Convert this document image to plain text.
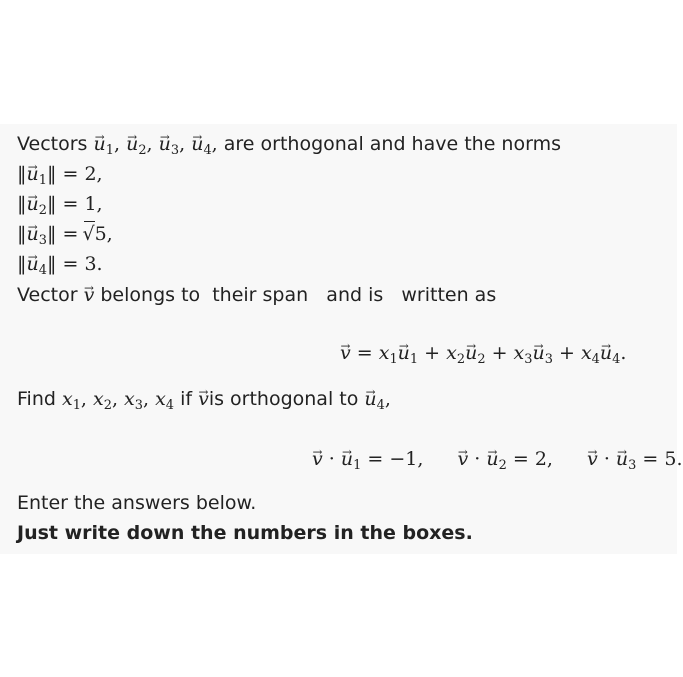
Vectors → $u_1$, → $u_2$, → $u_3$, → $u_4$, are orthogonal and have the norms
‖→ $u_1‖ = 2$,
‖→ $u_2‖ = 1$,
‖→ $u_3‖ = √5$,
‖→ $u_4‖ = 3$.
Vector → v belongs to  their span   and is   written as
→ $v = x_1\to u_1 + x_2\to u_2 + x_3\to u_3 + x_4\to u_4$.
Find $x_1$, $x_2$, $x_3$, $x_4$ if → vis orthogonal to → $u_4$,
→ v · → $u_1 = -1$, → v · → $u_2 = 2$, → v · → $u_3 = 5$.
Enter the answers below.
Just write down the numbers in the boxes.
